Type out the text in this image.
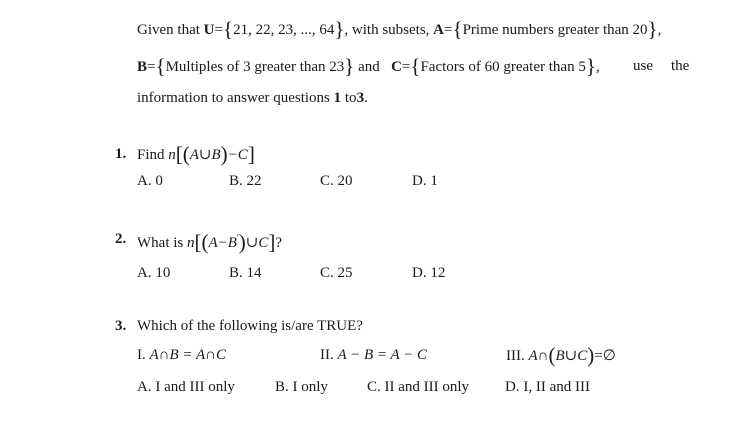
Given that U={21, 22, 23, ..., 64}, with subsets, A={Prime numbers greater than 20},
B={Multiples of 3 greater than 23} and C={Factors of 60 greater than 5}, use the
information to answer questions 1 to3.
1. Find n[(A∪B)−C]
A. 0	B. 22	C. 20	D. 1
2. What is n[(A−B')∪C]?
A. 10	B. 14	C. 25	D. 12
3. Which of the following is/are TRUE?
I. A∩B = A∩C	II. A − B = A − C	III. A∩(B∪C)=∅
A. I and III only	B. I only	C. II and III only D. I, II and III
